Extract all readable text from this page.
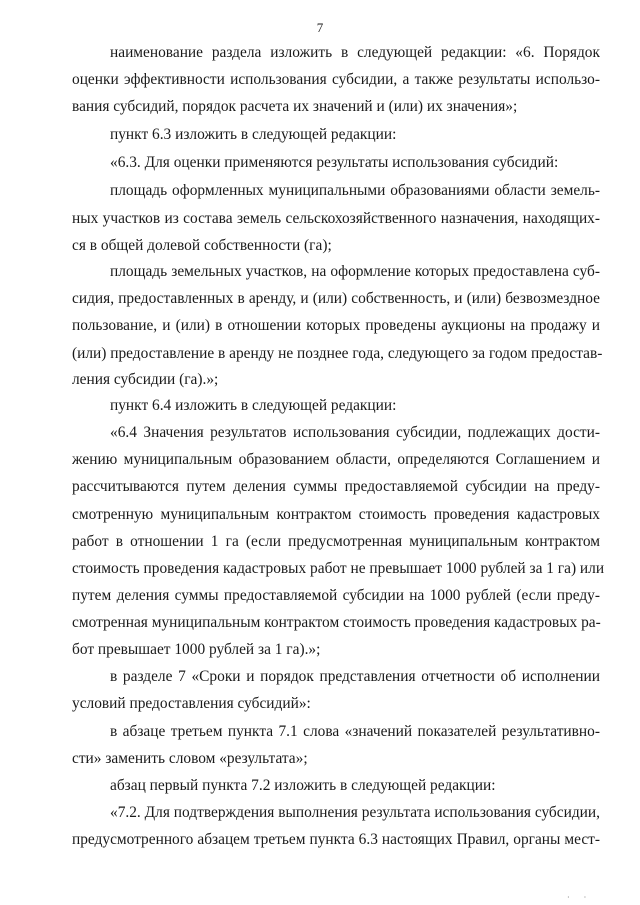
7
наименование раздела изложить в следующей редакции: «6. Порядок
оценки эффективности использования субсидии, а также результаты использо-
вания субсидий, порядок расчета их значений и (или) их значения»;
пункт 6.3 изложить в следующей редакции:
«6.3. Для оценки применяются результаты использования субсидий:
площадь оформленных муниципальными образованиями области земель-
ных участков из состава земель сельскохозяйственного назначения, находящих-
ся в общей долевой собственности (га);
площадь земельных участков, на оформление которых предоставлена суб-
сидия, предоставленных в аренду, и (или) собственность, и (или) безвозмездное
пользование, и (или) в отношении которых проведены аукционы на продажу и
(или) предоставление в аренду не позднее года, следующего за годом предостав-
ления субсидии (га).»;
пункт 6.4 изложить в следующей редакции:
«6.4 Значения результатов использования субсидии, подлежащих дости-
жению муниципальным образованием области, определяются Соглашением и
рассчитываются путем деления суммы предоставляемой субсидии на преду-
смотренную муниципальным контрактом стоимость проведения кадастровых
работ в отношении 1 га (если предусмотренная муниципальным контрактом
стоимость проведения кадастровых работ не превышает 1000 рублей за 1 га) или
путем деления суммы предоставляемой субсидии на 1000 рублей (если преду-
смотренная муниципальным контрактом стоимость проведения кадастровых ра-
бот превышает 1000 рублей за 1 га).»;
в разделе 7 «Сроки и порядок представления отчетности об исполнении
условий предоставления субсидий»:
в абзаце третьем пункта 7.1 слова «значений показателей результативно-
сти» заменить словом «результата»;
абзац первый пункта 7.2 изложить в следующей редакции:
«7.2. Для подтверждения выполнения результата использования субсидии,
предусмотренного абзацем третьем пункта 6.3 настоящих Правил, органы мест-
· ·
